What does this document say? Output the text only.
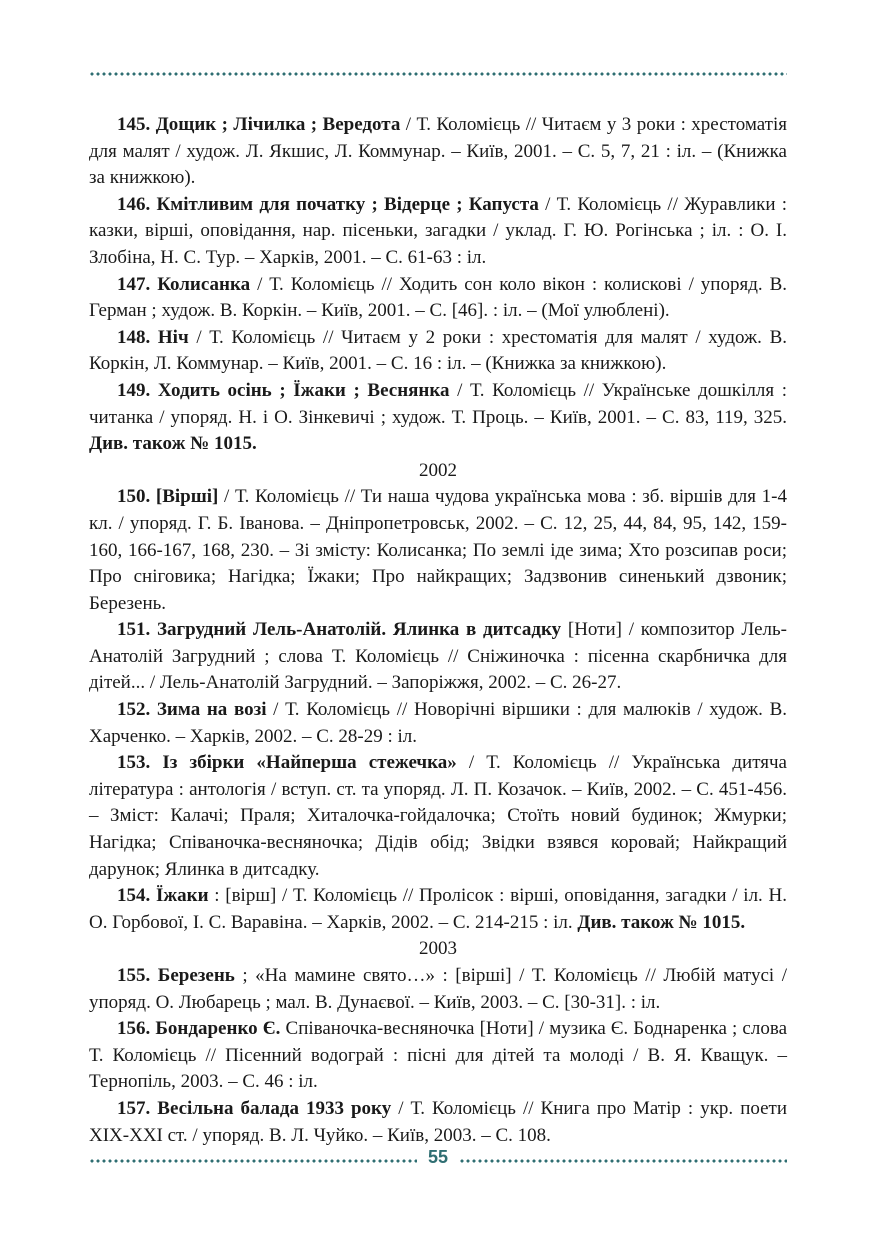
145. Дощик ; Лічилка ; Вередота / Т. Коломієць // Читаєм у 3 роки : хрестоматія для малят / худож. Л. Якшис, Л. Коммунар. – Київ, 2001. – С. 5, 7, 21 : іл. – (Книжка за книжкою).

146. Кмітливим для початку ; Відерце ; Капуста / Т. Коломієць // Журавлики : казки, вірші, оповідання, нар. пісеньки, загадки / уклад. Г. Ю. Рогінська ; іл. : О. І. Злобіна, Н. С. Тур. – Харків, 2001. – С. 61-63 : іл.

147. Колисанка / Т. Коломієць // Ходить сон коло вікон : колискові / упоряд. В. Герман ; худож. В. Коркін. – Київ, 2001. – С. [46]. : іл. – (Мої улюблені).

148. Ніч / Т. Коломієць // Читаєм у 2 роки : хрестоматія для малят / худож. В. Коркін, Л. Коммунар. – Київ, 2001. – С. 16 : іл. – (Книжка за книжкою).

149. Ходить осінь ; Їжаки ; Веснянка / Т. Коломієць // Українське дошкілля : читанка / упоряд. Н. і О. Зінкевичі ; худож. Т. Проць. – Київ, 2001. – С. 83, 119, 325. Див. також № 1015.

2002

150. [Вірші] / Т. Коломієць // Ти наша чудова українська мова : зб. віршів для 1-4 кл. / упоряд. Г. Б. Іванова. – Дніпропетровськ, 2002. – С. 12, 25, 44, 84, 95, 142, 159-160, 166-167, 168, 230. – Зі змісту: Колисанка; По землі іде зима; Хто розсипав роси; Про сніговика; Нагідка; Їжаки; Про найкращих; Задзвонив синенький дзвоник; Березень.

151. Загрудний Лель-Анатолій. Ялинка в дитсадку [Ноти] / композитор Лель-Анатолій Загрудний ; слова Т. Коломієць // Сніжиночка : пісенна скарбничка для дітей... / Лель-Анатолій Загрудний. – Запоріжжя, 2002. – С. 26-27.

152. Зима на возі / Т. Коломієць // Новорічні віршики : для малюків / худож. В. Харченко. – Харків, 2002. – С. 28-29 : іл.

153. Із збірки «Найперша стежечка» / Т. Коломієць // Українська дитяча література : антологія / вступ. ст. та упоряд. Л. П. Козачок. – Київ, 2002. – С. 451-456. – Зміст: Калачі; Праля; Хиталочка-гойдалочка; Стоїть новий будинок; Жмурки; Нагідка; Співаночка-весняночка; Дідів обід; Звідки взявся коровай; Найкращий дарунок; Ялинка в дитсадку.

154. Їжаки : [вірш] / Т. Коломієць // Пролісок : вірші, оповідання, загадки / іл. Н. О. Горбової, І. С. Варавіна. – Харків, 2002. – С. 214-215 : іл. Див. також № 1015.

2003

155. Березень ; «На мамине свято…» : [вірші] / Т. Коломієць // Любій матусі / упоряд. О. Любарець ; мал. В. Дунаєвої. – Київ, 2003. – С. [30-31]. : іл.

156. Бондаренко Є. Співаночка-весняночка [Ноти] / музика Є. Боднаренка ; слова Т. Коломієць // Пісенний водограй : пісні для дітей та молоді / В. Я. Кващук. – Тернопіль, 2003. – С. 46 : іл.

157. Весільна балада 1933 року / Т. Коломієць // Книга про Матір : укр. поети XIX-XXI ст. / упоряд. В. Л. Чуйко. – Київ, 2003. – С. 108.

55
